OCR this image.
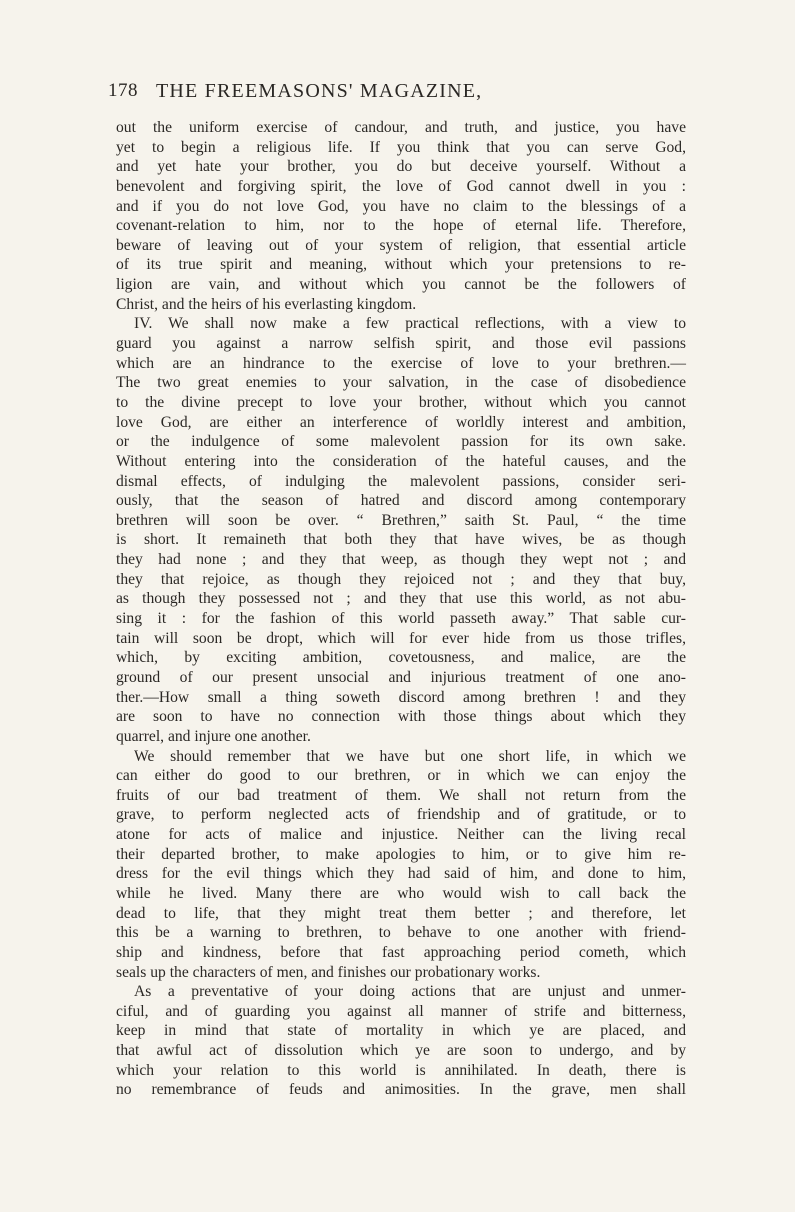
178 THE FREEMASONS' MAGAZINE,
out the uniform exercise of candour, and truth, and justice, you have
yet to begin a religious life. If you think that you can serve God,
and yet hate your brother, you do but deceive yourself. Without a
benevolent and forgiving spirit, the love of God cannot dwell in you :
and if you do not love God, you have no claim to the blessings of a
covenant-relation to him, nor to the hope of eternal life. Therefore,
beware of leaving out of your system of religion, that essential article
of its true spirit and meaning, without which your pretensions to re-
ligion are vain, and without which you cannot be the followers of
Christ, and the heirs of his everlasting kingdom.
IV. We shall now make a few practical reflections, with a view to
guard you against a narrow selfish spirit, and those evil passions
which are an hindrance to the exercise of love to your brethren.—
The two great enemies to your salvation, in the case of disobedience
to the divine precept to love your brother, without which you cannot
love God, are either an interference of worldly interest and ambition,
or the indulgence of some malevolent passion for its own sake.
Without entering into the consideration of the hateful causes, and the
dismal effects, of indulging the malevolent passions, consider seri-
ously, that the season of hatred and discord among contemporary
brethren will soon be over. “ Brethren,” saith St. Paul, “ the time
is short. It remaineth that both they that have wives, be as though
they had none ; and they that weep, as though they wept not ; and
they that rejoice, as though they rejoiced not ; and they that buy,
as though they possessed not ; and they that use this world, as not abu-
sing it : for the fashion of this world passeth away.” That sable cur-
tain will soon be dropt, which will for ever hide from us those trifles,
which, by exciting ambition, covetousness, and malice, are the
ground of our present unsocial and injurious treatment of one ano-
ther.—How small a thing soweth discord among brethren ! and they
are soon to have no connection with those things about which they
quarrel, and injure one another.
We should remember that we have but one short life, in which we
can either do good to our brethren, or in which we can enjoy the
fruits of our bad treatment of them. We shall not return from the
grave, to perform neglected acts of friendship and of gratitude, or to
atone for acts of malice and injustice. Neither can the living recal
their departed brother, to make apologies to him, or to give him re-
dress for the evil things which they had said of him, and done to him,
while he lived. Many there are who would wish to call back the
dead to life, that they might treat them better ; and therefore, let
this be a warning to brethren, to behave to one another with friend-
ship and kindness, before that fast approaching period cometh, which
seals up the characters of men, and finishes our probationary works.
As a preventative of your doing actions that are unjust and unmer-
ciful, and of guarding you against all manner of strife and bitterness,
keep in mind that state of mortality in which ye are placed, and
that awful act of dissolution which ye are soon to undergo, and by
which your relation to this world is annihilated. In death, there is
no remembrance of feuds and animosities. In the grave, men shall
